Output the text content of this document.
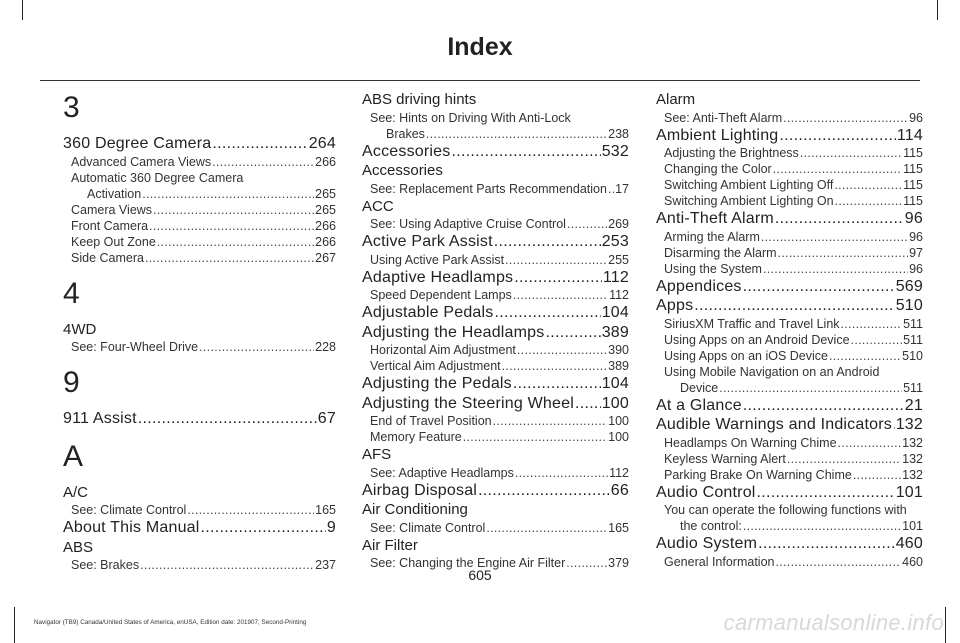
Index
3
360 Degree Camera .....	264
Advanced Camera Views .....	266
Automatic 360 Degree Camera
Activation .....	265
Camera Views .....	265
Front Camera .....	266
Keep Out Zone .....	266
Side Camera .....	267
4
4WD
See: Four-Wheel Drive .....	228
9
911 Assist .....	67
A
A/C
See: Climate Control .....	165
About This Manual .....	9
ABS
See: Brakes .....	237
ABS driving hints
See: Hints on Driving With Anti-Lock
Brakes .....	238
Accessories .....	532
Accessories
See: Replacement Parts Recommendation ..... 17
ACC
See: Using Adaptive Cruise Control .....	269
Active Park Assist .....	253
Using Active Park Assist .....	255
Adaptive Headlamps .....	112
Speed Dependent Lamps .....	112
Adjustable Pedals .....	104
Adjusting the Headlamps .....	389
Horizontal Aim Adjustment .....	390
Vertical Aim Adjustment .....	389
Adjusting the Pedals .....	104
Adjusting the Steering Wheel ..... 100
End of Travel Position .....	100
Memory Feature .....	100
AFS
See: Adaptive Headlamps .....	112
Airbag Disposal .....	66
Air Conditioning
See: Climate Control .....	165
Air Filter
See: Changing the Engine Air Filter .....	379
Alarm
See: Anti-Theft Alarm .....	96
Ambient Lighting .....	114
Adjusting the Brightness .....	115
Changing the Color .....	115
Switching Ambient Lighting Off .....	115
Switching Ambient Lighting On .....	115
Anti-Theft Alarm .....	96
Arming the Alarm .....	96
Disarming the Alarm .....	97
Using the System .....	96
Appendices .....	569
Apps .....	510
SiriusXM Traffic and Travel Link .....	511
Using Apps on an Android Device .....	511
Using Apps on an iOS Device .....	510
Using Mobile Navigation on an Android
Device .....	511
At a Glance .....	21
Audible Warnings and Indicators ..... 132
Headlamps On Warning Chime .....	132
Keyless Warning Alert .....	132
Parking Brake On Warning Chime .....	132
Audio Control .....	101
You can operate the following functions with
the control: .....	101
Audio System .....	460
General Information .....	460
605
Navigator (TB9) Canada/United States of America, enUSA, Edition date: 201907, Second-Printing	carmanualsonline.info
